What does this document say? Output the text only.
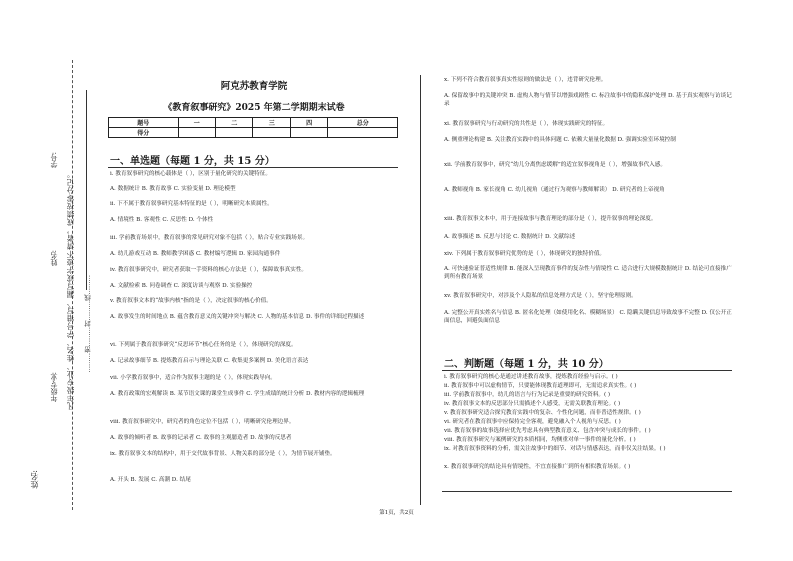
学号:
凡年级专业、姓名、学号错写、漏写或字迹不清者，成绩按零分记。 ………密………封………线………
姓名:
年级专业:
姓名:
阿克苏教育学院
《教育叙事研究》2025 年第二学期期末试卷
题号	一	二	三	四	总分
得分					
一、单选题（每题 1 分，共 15 分）
i. 教育叙事研究的核心载体是（ ），区别于量化研究的关键特征。
A. 数据统计 B. 教育故事 C. 实验变量 D. 理论模型
ii. 下不属于教育叙事研究基本特征的是（ ），明晰研究本质属性。
A. 情境性 B. 客观性 C. 反思性 D. 个体性
iii. 学前教育场景中，教育叙事的常见研究对象不包括（ ），贴合专业实践场景。
A. 幼儿游戏互动 B. 教师教学困惑 C. 教材编写逻辑 D. 家园沟通事件
iv. 教育叙事研究中，研究者获取一手资料的核心方法是（ ），保障故事真实性。
A. 文献检索 B. 问卷调查 C. 深度访谈与观察 D. 实验操控
v. 教育叙事文本的“故事内核”指的是（ ），决定叙事的核心价值。
A. 故事发生的时间地点 B. 蕴含教育意义的关键冲突与解决 C. 人物的基本信息 D. 事件的详细过程描述
vi. 下列属于教育叙事研究“反思环节”核心任务的是（ ），体现研究的深度。
A. 记录故事细节 B. 提炼教育启示与理论关联 C. 收集更多案例 D. 美化语言表达
vii. 小学教育叙事中，适合作为叙事主题的是（ ），体现实践导向。
A. 教育政策的宏观解读 B. 某节语文课的课堂生成事件 C. 学生成绩的统计分析 D. 教材内容的逻辑梳理
viii. 教育叙事研究中，研究者的角色定位不包括（ ），明晰研究伦理边界。
A. 故事的倾听者 B. 故事的记录者 C. 故事的主观臆造者 D. 故事的反思者
ix. 教育叙事文本的结构中，用于交代故事背景、人物关系的部分是（ ），为情节展开铺垫。
A. 开头 B. 发展 C. 高潮 D. 结尾
x. 下列不符合教育叙事真实性原则的做法是（ ），违背研究伦理。
A. 保留故事中的关键冲突 B. 虚构人物与情节以增强戏剧性 C. 标注故事中的隐私保护处理 D. 基于真实观察与访谈记录
xi. 教育叙事研究与行动研究的共性是（ ），体现实践研究的特征。
A. 侧重理论构建 B. 关注教育实践中的具体问题 C. 依赖大量量化数据 D. 强调实验室环境控制
xii. 学前教育叙事中，研究“幼儿分离焦虑缓解”的适宜叙事视角是（ ），增强故事代入感。
A. 教师视角 B. 家长视角 C. 幼儿视角（通过行为观察与教师解读） D. 研究者的上帝视角
xiii. 教育叙事文本中，用于连接故事与教育理论的部分是（ ），提升叙事的理论深度。
A. 故事描述 B. 反思与讨论 C. 数据统计 D. 文献综述
xiv. 下列属于教育叙事研究优势的是（ ），体现研究的独特价值。
A. 可快速验证普适性规律 B. 能深入呈现教育事件的复杂性与情境性 C. 适合进行大规模数据统计 D. 结论可直接推广到所有教育场景
xv. 教育叙事研究中，对涉及个人隐私的信息处理方式是（ ），坚守伦理原则。
A. 完整公开真实姓名与信息 B. 匿名化处理（如使用化名、模糊场景） C. 隐瞒关键信息导致故事不完整 D. 仅公开正面信息，回避负面信息
二、判断题（每题 1 分，共 10 分）
i. 教育叙事研究的核心是通过讲述教育故事，提炼教育经验与启示。( )
ii. 教育叙事中可以虚构情节，只要能体现教育道理即可，无需追求真实性。( )
iii. 学前教育叙事中，幼儿的语言与行为记录是重要的研究资料。( )
iv. 教育叙事文本的反思部分只需描述个人感受，无需关联教育理论。( )
v. 教育叙事研究适合探究教育实践中的复杂、个性化问题，而非普适性规律。( )
vi. 研究者在教育叙事中应保持完全客观，避免融入个人视角与反思。( )
vii. 教育叙事的故事选择应优先考虑具有典型教育意义、包含冲突与成长的事件。( )
viii. 教育叙事研究与案例研究的本质相同，均侧重对单一事件的量化分析。( )
ix. 对教育叙事资料的分析，需关注故事中的细节、对话与情感表达，而非仅关注结果。( )
x. 教育叙事研究的结论具有情境性，不宜直接推广到所有相似教育场景。( )
第1页，共2页
